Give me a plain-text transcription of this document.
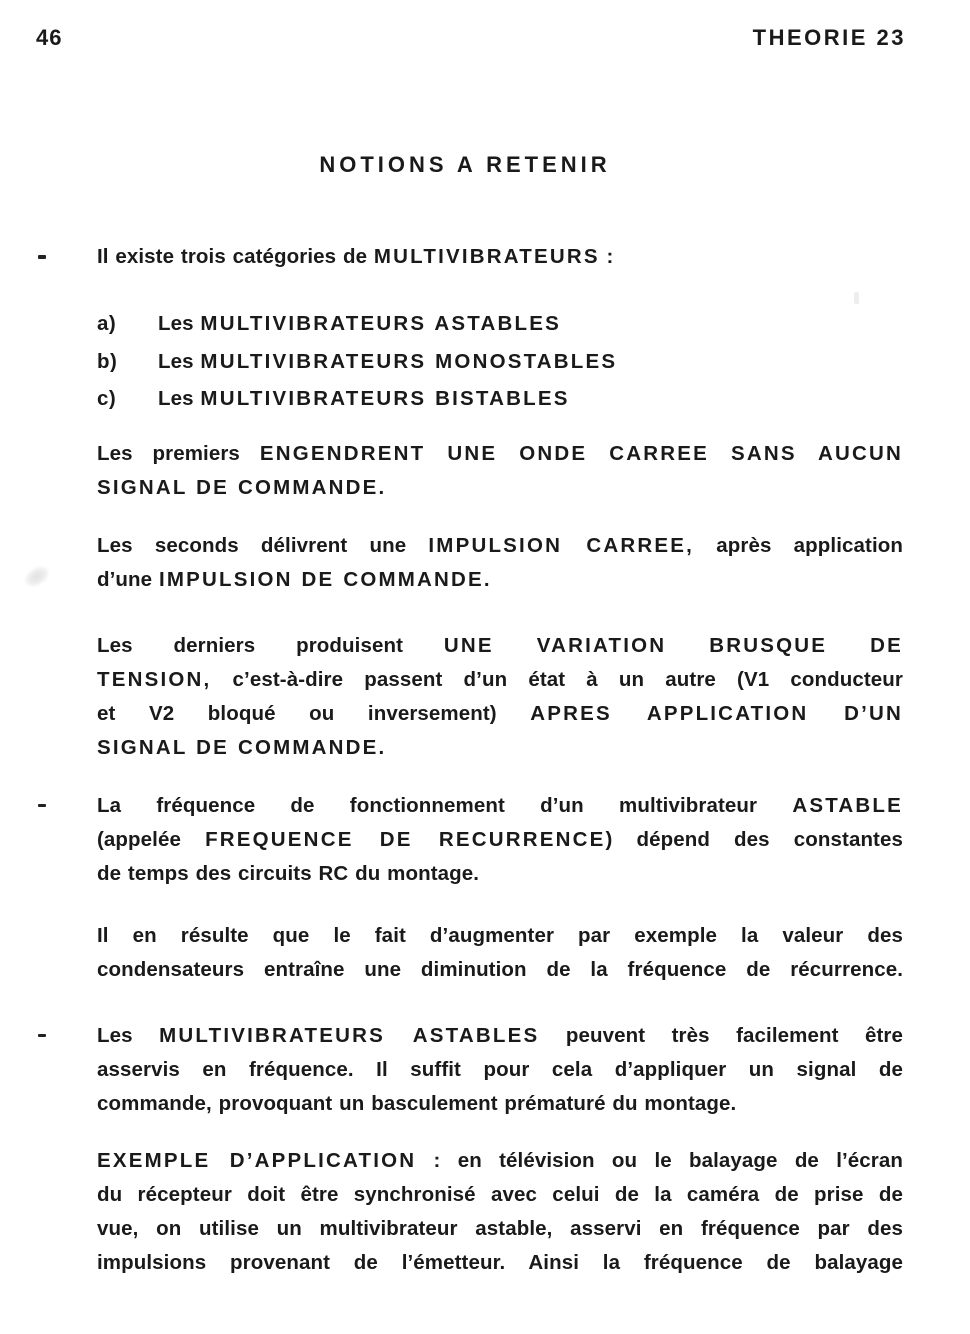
46	THEORIE 23
NOTIONS A RETENIR
Il existe trois catégories de MULTIVIBRATEURS :
a)	Les MULTIVIBRATEURS ASTABLES
b)	Les MULTIVIBRATEURS MONOSTABLES
c)	Les MULTIVIBRATEURS BISTABLES
Les premiers ENGENDRENT UNE ONDE CARREE SANS AUCUN
SIGNAL DE COMMANDE.
Les seconds délivrent une IMPULSION CARREE, après application
d’une IMPULSION DE COMMANDE.
Les derniers produisent UNE VARIATION BRUSQUE DE
TENSION, c’est-à-dire passent d’un état à un autre (V1 conducteur
et V2 bloqué ou inversement) APRES APPLICATION D’UN
SIGNAL DE COMMANDE.
La fréquence de fonctionnement d’un multivibrateur ASTABLE
(appelée FREQUENCE DE RECURRENCE) dépend des constantes
de temps des circuits RC du montage.
Il en résulte que le fait d’augmenter par exemple la valeur des
condensateurs entraîne une diminution de la fréquence de récurrence.
Les MULTIVIBRATEURS ASTABLES peuvent très facilement être
asservis en fréquence. Il suffit pour cela d’appliquer un signal de
commande, provoquant un basculement prématuré du montage.
EXEMPLE D’APPLICATION : en télévision ou le balayage de l’écran
du récepteur doit être synchronisé avec celui de la caméra de prise de
vue, on utilise un multivibrateur astable, asservi en fréquence par des
impulsions provenant de l’émetteur. Ainsi la fréquence de balayage
